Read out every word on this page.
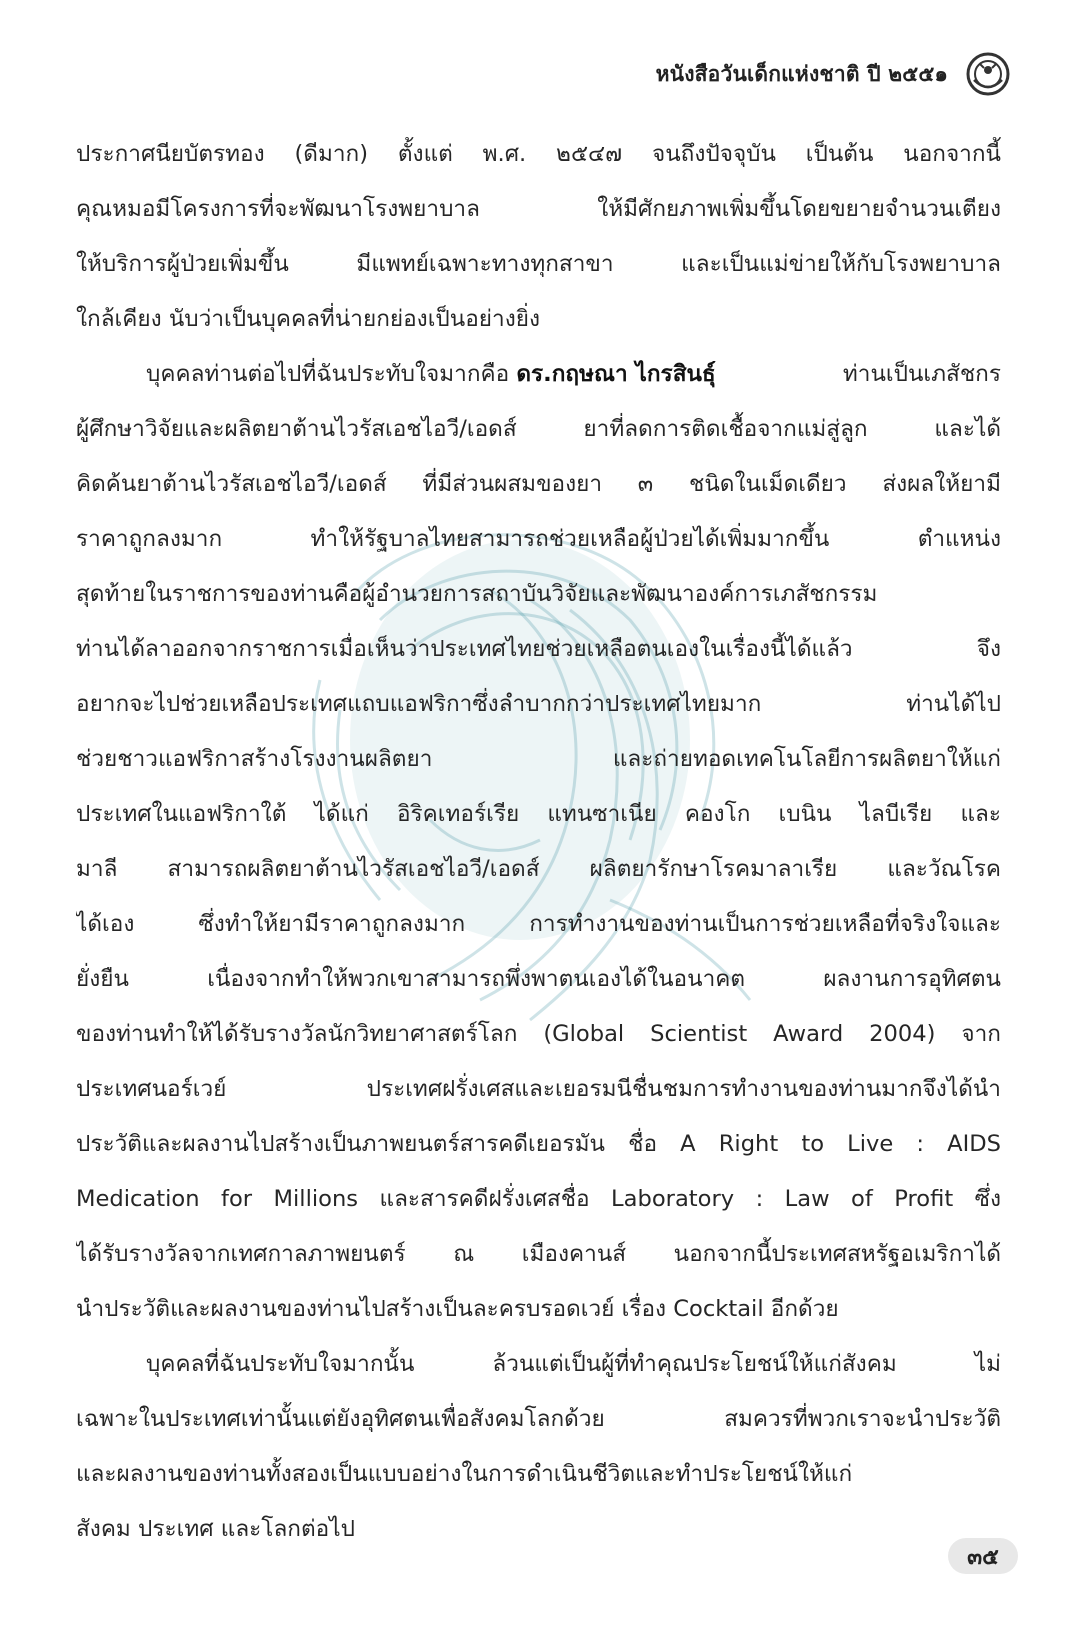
หนังสือวันเด็กแห่งชาติ ปี ๒๕๕๑
ประกาศนียบัตรทอง (ดีมาก) ตั้งแต่ พ.ศ. ๒๕๔๗ จนถึงปัจจุบัน เป็นต้น นอกจากนี้
คุณหมอมีโครงการที่จะพัฒนาโรงพยาบาล ให้มีศักยภาพเพิ่มขึ้นโดยขยายจำนวนเตียง
ให้บริการผู้ป่วยเพิ่มขึ้น มีแพทย์เฉพาะทางทุกสาขา และเป็นแม่ข่ายให้กับโรงพยาบาล
ใกล้เคียง นับว่าเป็นบุคคลที่น่ายกย่องเป็นอย่างยิ่ง
บุคคลท่านต่อไปที่ฉันประทับใจมากคือ ดร.กฤษณา ไกรสินธุ์	ท่านเป็นเภสัชกร
ผู้ศึกษาวิจัยและผลิตยาต้านไวรัสเอชไอวี/เอดส์ ยาที่ลดการติดเชื้อจากแม่สู่ลูก และได้
คิดค้นยาต้านไวรัสเอชไอวี/เอดส์ ที่มีส่วนผสมของยา ๓ ชนิดในเม็ดเดียว ส่งผลให้ยามี
ราคาถูกลงมาก ทำให้รัฐบาลไทยสามารถช่วยเหลือผู้ป่วยได้เพิ่มมากขึ้น ตำแหน่ง
สุดท้ายในราชการของท่านคือผู้อำนวยการสถาบันวิจัยและพัฒนาองค์การเภสัชกรรม
ท่านได้ลาออกจากราชการเมื่อเห็นว่าประเทศไทยช่วยเหลือตนเองในเรื่องนี้ได้แล้ว จึง
อยากจะไปช่วยเหลือประเทศแถบแอฟริกาซึ่งลำบากกว่าประเทศไทยมาก ท่านได้ไป
ช่วยชาวแอฟริกาสร้างโรงงานผลิตยา และถ่ายทอดเทคโนโลยีการผลิตยาให้แก่
ประเทศในแอฟริกาใต้ ได้แก่ อิริคเทอร์เรีย แทนซาเนีย คองโก เบนิน ไลบีเรีย และ
มาลี สามารถผลิตยาต้านไวรัสเอชไอวี/เอดส์ ผลิตยารักษาโรคมาลาเรีย และวัณโรค
ได้เอง ซึ่งทำให้ยามีราคาถูกลงมาก การทำงานของท่านเป็นการช่วยเหลือที่จริงใจและ
ยั่งยืน เนื่องจากทำให้พวกเขาสามารถพึ่งพาตนเองได้ในอนาคต ผลงานการอุทิศตน
ของท่านทำให้ได้รับรางวัลนักวิทยาศาสตร์โลก (Global Scientist Award 2004) จาก
ประเทศนอร์เวย์ ประเทศฝรั่งเศสและเยอรมนีชื่นชมการทำงานของท่านมากจึงได้นำ
ประวัติและผลงานไปสร้างเป็นภาพยนตร์สารคดีเยอรมัน ชื่อ A Right to Live : AIDS
Medication for Millions และสารคดีฝรั่งเศสชื่อ Laboratory : Law of Profit ซึ่ง
ได้รับรางวัลจากเทศกาลภาพยนตร์ ณ เมืองคานส์ นอกจากนี้ประเทศสหรัฐอเมริกาได้
นำประวัติและผลงานของท่านไปสร้างเป็นละครบรอดเวย์ เรื่อง Cocktail อีกด้วย
บุคคลที่ฉันประทับใจมากนั้น ล้วนแต่เป็นผู้ที่ทำคุณประโยชน์ให้แก่สังคม ไม่
เฉพาะในประเทศเท่านั้นแต่ยังอุทิศตนเพื่อสังคมโลกด้วย สมควรที่พวกเราจะนำประวัติ
และผลงานของท่านทั้งสองเป็นแบบอย่างในการดำเนินชีวิตและทำประโยชน์ให้แก่
สังคม ประเทศ และโลกต่อไป
๓๕
